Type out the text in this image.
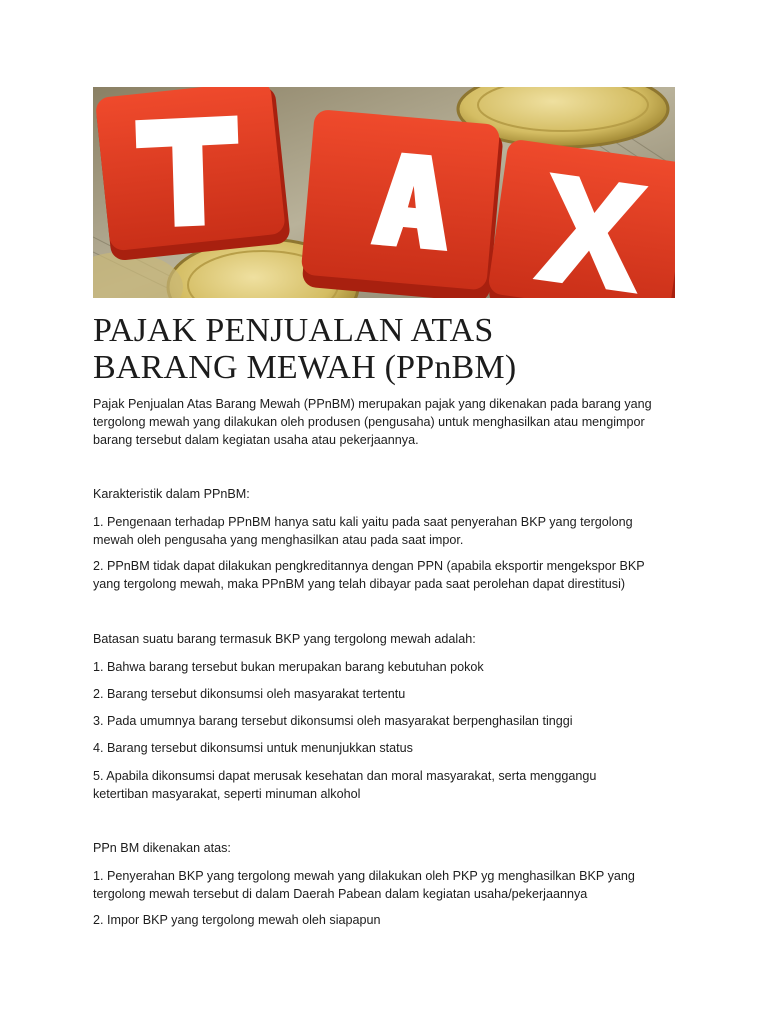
PAJAK PENJUALAN ATAS
BARANG MEWAH (PPnBM)

Pajak Penjualan Atas Barang Mewah (PPnBM) merupakan pajak yang dikenakan pada barang yang
tergolong mewah yang dilakukan oleh produsen (pengusaha) untuk menghasilkan atau mengimpor
barang tersebut dalam kegiatan usaha atau pekerjaannya.

Karakteristik dalam PPnBM:

1. Pengenaan terhadap PPnBM hanya satu kali yaitu pada saat penyerahan BKP yang tergolong
mewah oleh pengusaha yang menghasilkan atau pada saat impor.

2. PPnBM tidak dapat dilakukan pengkreditannya dengan PPN (apabila eksportir mengekspor BKP
yang tergolong mewah, maka PPnBM yang telah dibayar pada saat perolehan dapat direstitusi)

Batasan suatu barang termasuk BKP yang tergolong mewah adalah:

1. Bahwa barang tersebut bukan merupakan barang kebutuhan pokok

2. Barang tersebut dikonsumsi oleh masyarakat tertentu

3. Pada umumnya barang tersebut dikonsumsi oleh masyarakat berpenghasilan tinggi

4. Barang tersebut dikonsumsi untuk menunjukkan status

5. Apabila dikonsumsi dapat merusak kesehatan dan moral masyarakat, serta menggangu
ketertiban masyarakat, seperti minuman alkohol

PPn BM dikenakan atas:

1. Penyerahan BKP yang tergolong mewah yang dilakukan oleh PKP yg menghasilkan BKP yang
tergolong mewah tersebut di dalam Daerah Pabean dalam kegiatan usaha/pekerjaannya

2. Impor BKP yang tergolong mewah oleh siapapun
